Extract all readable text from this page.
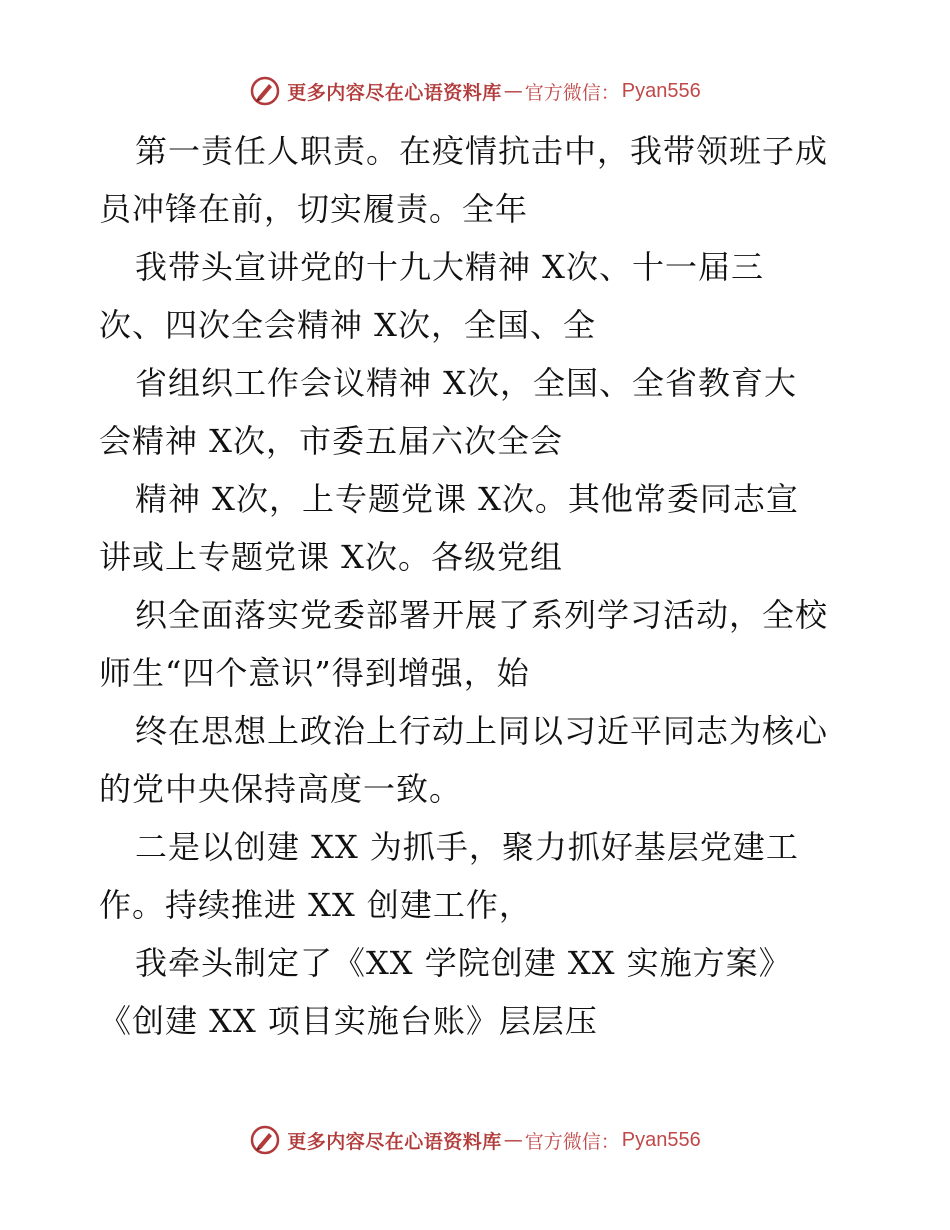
更多内容尽在心语资料库 — 官方微信： Pyan556
第一责任人职责。在疫情抗击中，我带领班子成
员冲锋在前，切实履责。全年
我带头宣讲党的十九大精神 X次、十一届三
次、四次全会精神 X次，全国、全
省组织工作会议精神 X次，全国、全省教育大
会精神 X次，市委五届六次全会
精神 X次，上专题党课 X次。其他常委同志宣
讲或上专题党课 X次。各级党组
织全面落实党委部署开展了系列学习活动，全校
师生“四个意识”得到增强，始
终在思想上政治上行动上同以习近平同志为核心
的党中央保持高度一致。
二是以创建 XX 为抓手，聚力抓好基层党建工
作。持续推进 XX 创建工作，
我牵头制定了《XX 学院创建 XX 实施方案》
《创建 XX 项目实施台账》层层压
更多内容尽在心语资料库 — 官方微信： Pyan556
